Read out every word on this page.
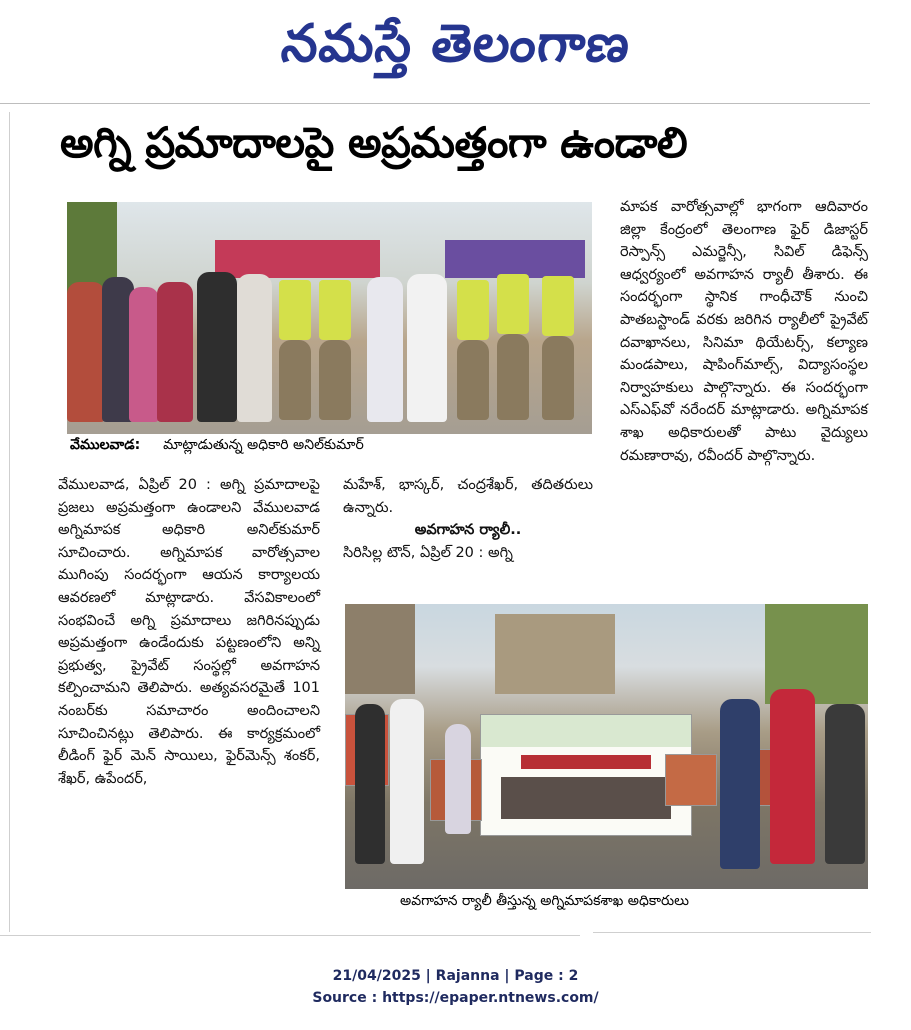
నమస్తే తెలంగాణ
అగ్ని ప్రమాదాలపై అప్రమత్తంగా ఉండాలి
వేములవాడ: మాట్లాడుతున్న అధికారి అనిల్‌కుమార్
వేములవాడ, ఏప్రిల్ 20 : అగ్ని ప్రమాదాలపై ప్రజలు అప్రమత్తంగా ఉండాలని వేములవాడ అగ్నిమాపక అధికారి అనిల్‌కుమార్ సూచించారు. అగ్నిమాపక వారోత్సవాల ముగింపు సందర్భంగా ఆయన కార్యాలయ ఆవరణలో మాట్లాడారు. వేసవికాలంలో సంభవించే అగ్ని ప్రమాదాలు జగిరినప్పుడు అప్రమత్తంగా ఉండేందుకు పట్టణంలోని అన్ని ప్రభుత్వ, ప్రైవేట్ సంస్థల్లో అవగాహన కల్పించామని తెలిపారు. అత్యవసరమైతే 101 నంబర్‌కు సమాచారం అందించాలని సూచించినట్లు తెలిపారు. ఈ కార్యక్రమంలో లీడింగ్ ఫైర్ మెన్ సాయిలు, ఫైర్‌మెన్స్ శంకర్, శేఖర్, ఉపేందర్,
మహేశ్, భాస్కర్, చంద్రశేఖర్, తదితరులు ఉన్నారు.
అవగాహన ర్యాలీ..
సిరిసిల్ల టౌన్, ఏప్రిల్ 20 : అగ్ని
మాపక వారోత్సవాల్లో భాగంగా ఆదివారం జిల్లా కేంద్రంలో తెలంగాణ ఫైర్ డిజాస్టర్ రెస్పాన్స్ ఎమర్జెన్సీ, సివిల్ డిఫెన్స్ ఆధ్వర్యంలో అవగాహన ర్యాలీ తీశారు. ఈ సందర్భంగా స్థానిక గాంధీచౌక్ నుంచి పాతబస్టాండ్ వరకు జరిగిన ర్యాలీలో ప్రైవేట్ దవాఖానలు, సినిమా థియేటర్స్, కల్యాణ మండపాలు, షాపింగ్‌మాల్స్, విద్యాసంస్థల నిర్వాహకులు పాల్గొన్నారు. ఈ సందర్భంగా ఎస్‌ఎఫ్‌వో నరేందర్ మాట్లాడారు. అగ్నిమాపక శాఖ అధికారులతో పాటు వైద్యులు రమణారావు, రవీందర్ పాల్గొన్నారు.
అవగాహన ర్యాలీ తీస్తున్న అగ్నిమాపకశాఖ అధికారులు
21/04/2025 | Rajanna | Page : 2
Source : https://epaper.ntnews.com/
